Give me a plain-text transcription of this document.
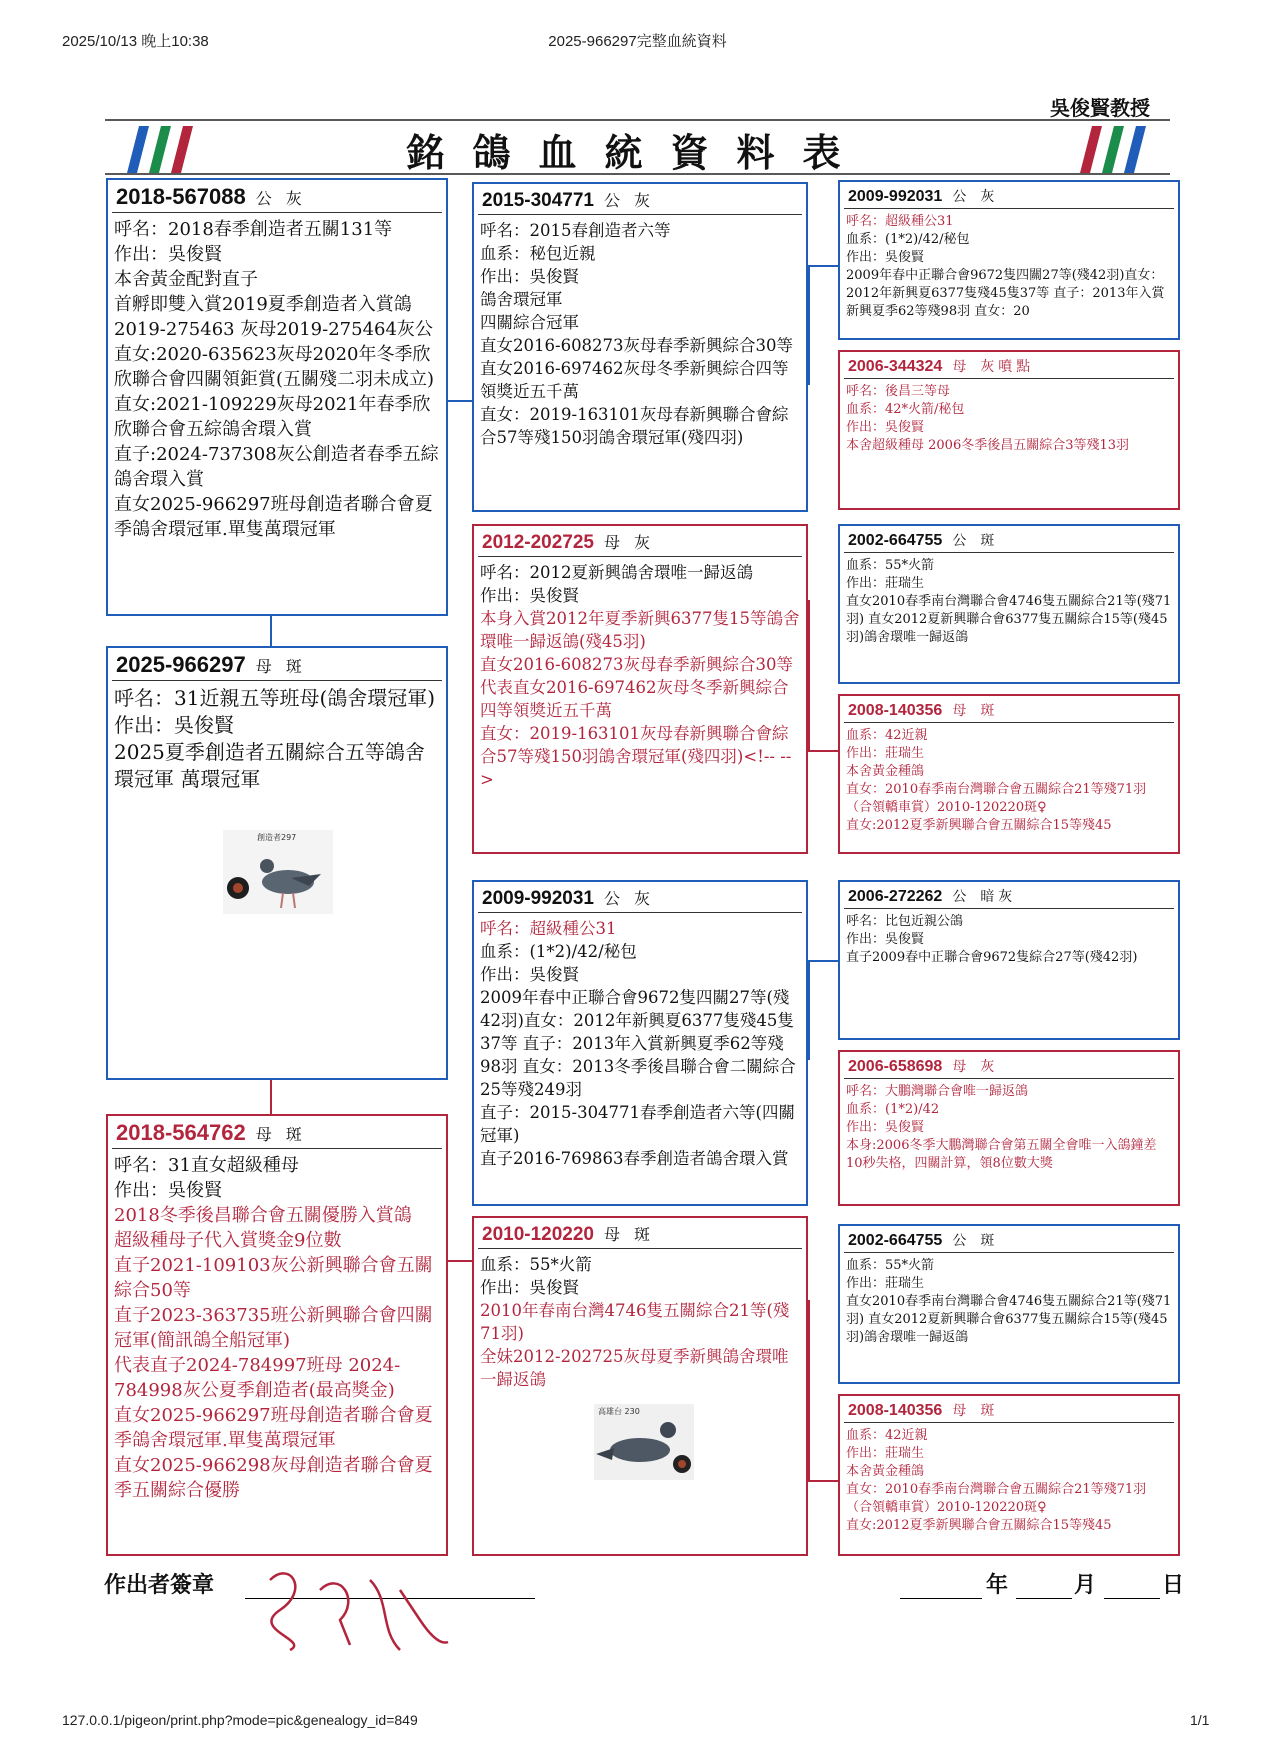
2025/10/13 晚上10:38	2025-966297完整血統資料
127.0.0.1/pigeon/print.php?mode=pic&genealogy_id=849	1/1
吳俊賢教授
銘鴿血統資料表
2018-567088 公 灰
呼名：2018春季創造者五關131等
作出：吳俊賢
本舍黃金配對直子
首孵即雙入賞2019夏季創造者入賞鴿2019-275463 灰母2019-275464灰公
直女:2020-635623灰母2020年冬季欣欣聯合會四關領鉅賞(五關殘二羽未成立)
直女:2021-109229灰母2021年春季欣欣聯合會五綜鴿舍環入賞
直子:2024-737308灰公創造者春季五綜鴿舍環入賞
直女2025-966297班母創造者聯合會夏季鴿舍環冠軍.單隻萬環冠軍
2025-966297 母 斑
呼名：31近親五等班母(鴿舍環冠軍)
作出：吳俊賢
2025夏季創造者五關綜合五等鴿舍環冠軍 萬環冠軍
創造者297
2018-564762 母 斑
呼名：31直女超級種母
作出：吳俊賢
2018冬季後昌聯合會五關優勝入賞鴿
超級種母子代入賞獎金9位數
直子2021-109103灰公新興聯合會五關綜合50等
直子2023-363735班公新興聯合會四關冠軍(簡訊鴿全船冠軍)
代表直子2024-784997班母 2024-784998灰公夏季創造者(最高獎金)
直女2025-966297班母創造者聯合會夏季鴿舍環冠軍.單隻萬環冠軍
直女2025-966298灰母創造者聯合會夏季五關綜合優勝
2015-304771 公 灰
呼名：2015春創造者六等
血系：秘包近親
作出：吳俊賢
鴿舍環冠軍
四關綜合冠軍
直女2016-608273灰母春季新興綜合30等
直女2016-697462灰母冬季新興綜合四等領獎近五千萬
直女：2019-163101灰母春新興聯合會綜合57等殘150羽鴿舍環冠軍(殘四羽)
2012-202725 母 灰
呼名：2012夏新興鴿舍環唯一歸返鴿
作出：吳俊賢
本身入賞2012年夏季新興6377隻15等鴿舍環唯一歸返鴿(殘45羽)
直女2016-608273灰母春季新興綜合30等
代表直女2016-697462灰母冬季新興綜合四等領獎近五千萬
直女：2019-163101灰母春新興聯合會綜合57等殘150羽鴿舍環冠軍(殘四羽)<!-- -->
2009-992031 公 灰
呼名：超級種公31
血系：(1*2)/42/秘包
作出：吳俊賢
2009年春中正聯合會9672隻四關27等(殘42羽)直女：2012年新興夏6377隻殘45隻37等 直子：2013年入賞新興夏季62等殘98羽 直女：2013冬季後昌聯合會二關綜合25等殘249羽
直子：2015-304771春季創造者六等(四關冠軍)
直子2016-769863春季創造者鴿舍環入賞
2010-120220 母 斑
血系：55*火箭
作出：吳俊賢
2010年春南台灣4746隻五關綜合21等(殘71羽)
全妹2012-202725灰母夏季新興鴿舍環唯一歸返鴿
高雄台 230
2009-992031 公 灰
呼名：超級種公31
血系：(1*2)/42/秘包
作出：吳俊賢
2009年春中正聯合會9672隻四關27等(殘42羽)直女：2012年新興夏6377隻殘45隻37等 直子：2013年入賞新興夏季62等殘98羽 直女：20
2006-344324 母 灰噴點
呼名：後昌三等母
血系：42*火箭/秘包
作出：吳俊賢
本舍超級種母 2006冬季後昌五關綜合3等殘13羽
2002-664755 公 斑
血系：55*火箭
作出：莊瑞生
直女2010春季南台灣聯合會4746隻五關綜合21等(殘71羽) 直女2012夏新興聯合會6377隻五關綜合15等(殘45羽)鴿舍環唯一歸返鴿
2008-140356 母 斑
血系：42近親
作出：莊瑞生
本舍黃金種鴿
直女：2010春季南台灣聯合會五關綜合21等殘71羽（合領轎車賞）2010-120220斑♀
直女:2012夏季新興聯合會五關綜合15等殘45
2006-272262 公 暗灰
呼名：比包近親公鴿
作出：吳俊賢
直子2009春中正聯合會9672隻綜合27等(殘42羽)
2006-658698 母 灰
呼名：大鵬灣聯合會唯一歸返鴿
血系：(1*2)/42
作出：吳俊賢
本身:2006冬季大鵬灣聯合會第五關全會唯一入鴿鐘差10秒失格，四關計算，領8位數大獎
2002-664755 公 斑
血系：55*火箭
作出：莊瑞生
直女2010春季南台灣聯合會4746隻五關綜合21等(殘71羽) 直女2012夏新興聯合會6377隻五關綜合15等(殘45羽)鴿舍環唯一歸返鴿
2008-140356 母 斑
血系：42近親
作出：莊瑞生
本舍黃金種鴿
直女：2010春季南台灣聯合會五關綜合21等殘71羽（合領轎車賞）2010-120220斑♀
直女:2012夏季新興聯合會五關綜合15等殘45
作出者簽章	年	月	日
